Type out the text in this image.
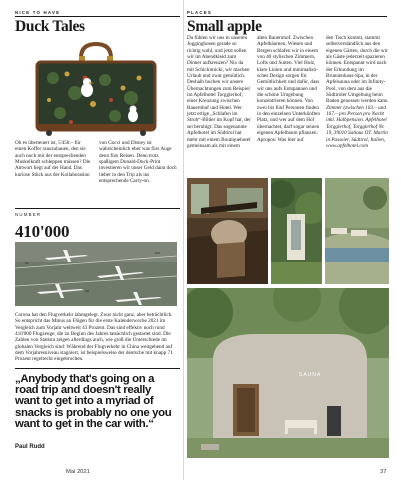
NICE TO HAVE
Duck Tales
Ob es überteuert ist, 5'450.– für einen Koffer rauszuhauen, den sie auch noch mit der entsprechenden Muskelkraft schleppen müssen? Die Antwort liegt auf der Hand. Das kuriose Stück aus der Kollaboration
von Gucci und Disney ist wahrscheinlich eher was fürs Auge denn fürs Reisen. Denn trotz spaßigem Donald-Duck-Print investieren wir unser Geld dann doch lieber in den Trip als ins entsprechende Carry-on.
NUMBER
410'000
Corona hat den Flugverkehr lahmgelegt. Zwar nicht ganz, aber beträchtlich. So entspricht das Minus an Flügen für die erste Kalenderwoche 2021 im Vergleich zum Vorjahr weltweit 43 Prozent. Das sind effektiv noch rund 410'000 Flugzeuge, die zu Beginn des Jahres tatsächlich gestartet sind. Die Zahlen von Statista zeigen allerdings auch, wie groß die Unterschiede im globalen Vergleich sind: Während der Flugverkehr in China weitgehend auf dem Vorjahresniveau stagniert, ist beispielsweise der deutsche mit knapp 71 Prozent regelrecht eingebrochen.
„Anybody that's going on a road trip and doesn't really want to get into a myriad of snacks is probably no one you want to get in the car with.“
Paul Rudd
Mai 2021
PLACES
Small apple
Da fühlen wir uns in unseren Jogginghosen gerade so richtig wohl, und jetzt sollen wir im Abendkleid zum Dinner aufkreuzen? Nix da mit Schickimicki, wir machen Urlaub und zwar gemütlich. Deshalb buchen wir unsere Übernachtungen zum Beispiel im Apfelhotel Torgglerhof, einer Kreuzung zwischen Bauernhof und Hotel. Wer jetzt ertige „Schlafen im Stroh“-Bilder im Kopf hat, der sei beruhigt: Das sogenannte Apfelhotel im Südtirol hat mehr mit einem Boutiquehotel gemeinsam als mit einem
alten Bauernhof. Zwischen Apfelbäumen, Wiesen und Bergen schlafen wir in einem von 40 stylischen Zimmern, Lofts und Suiten. Viel Holz, klare Linien und minimalistisches Design sorgen für Gemütlichkeit und dafür, dass wir uns aufs Entspannen und die schöne Umgebung konzentrieren können. Von zwei bis fünf Personen finden in den einzelnen Unterkünften Platz, und wer auf dem Hof übernachtet, darf sogar seinen eigenen Apfelbaum pflanzen. Apropos: Was hier auf

den Tisch kommt, stammt selbstverständlich aus den eigenen Gärten, durch die wir als Gäste jederzeit spazieren können. Entspannt wird nach der Erkundung im Brunnenhaus-Spa, in der Apfelsauna oder im Infinity-Pool, von dem aus die Südtiroler Umgebung beim Baden genossen werden kann.

Zimmer (zwischen 103.– und 167.– pro Person pro Nacht inkl. Halbpension. Apfelhotel Torgglerhof, Torgglerhof Nr. 19, 39010 Saltaus OT. Martin in Passeier, Südtirol, Italien, www.apfelhotel.com

SAUNA
37
